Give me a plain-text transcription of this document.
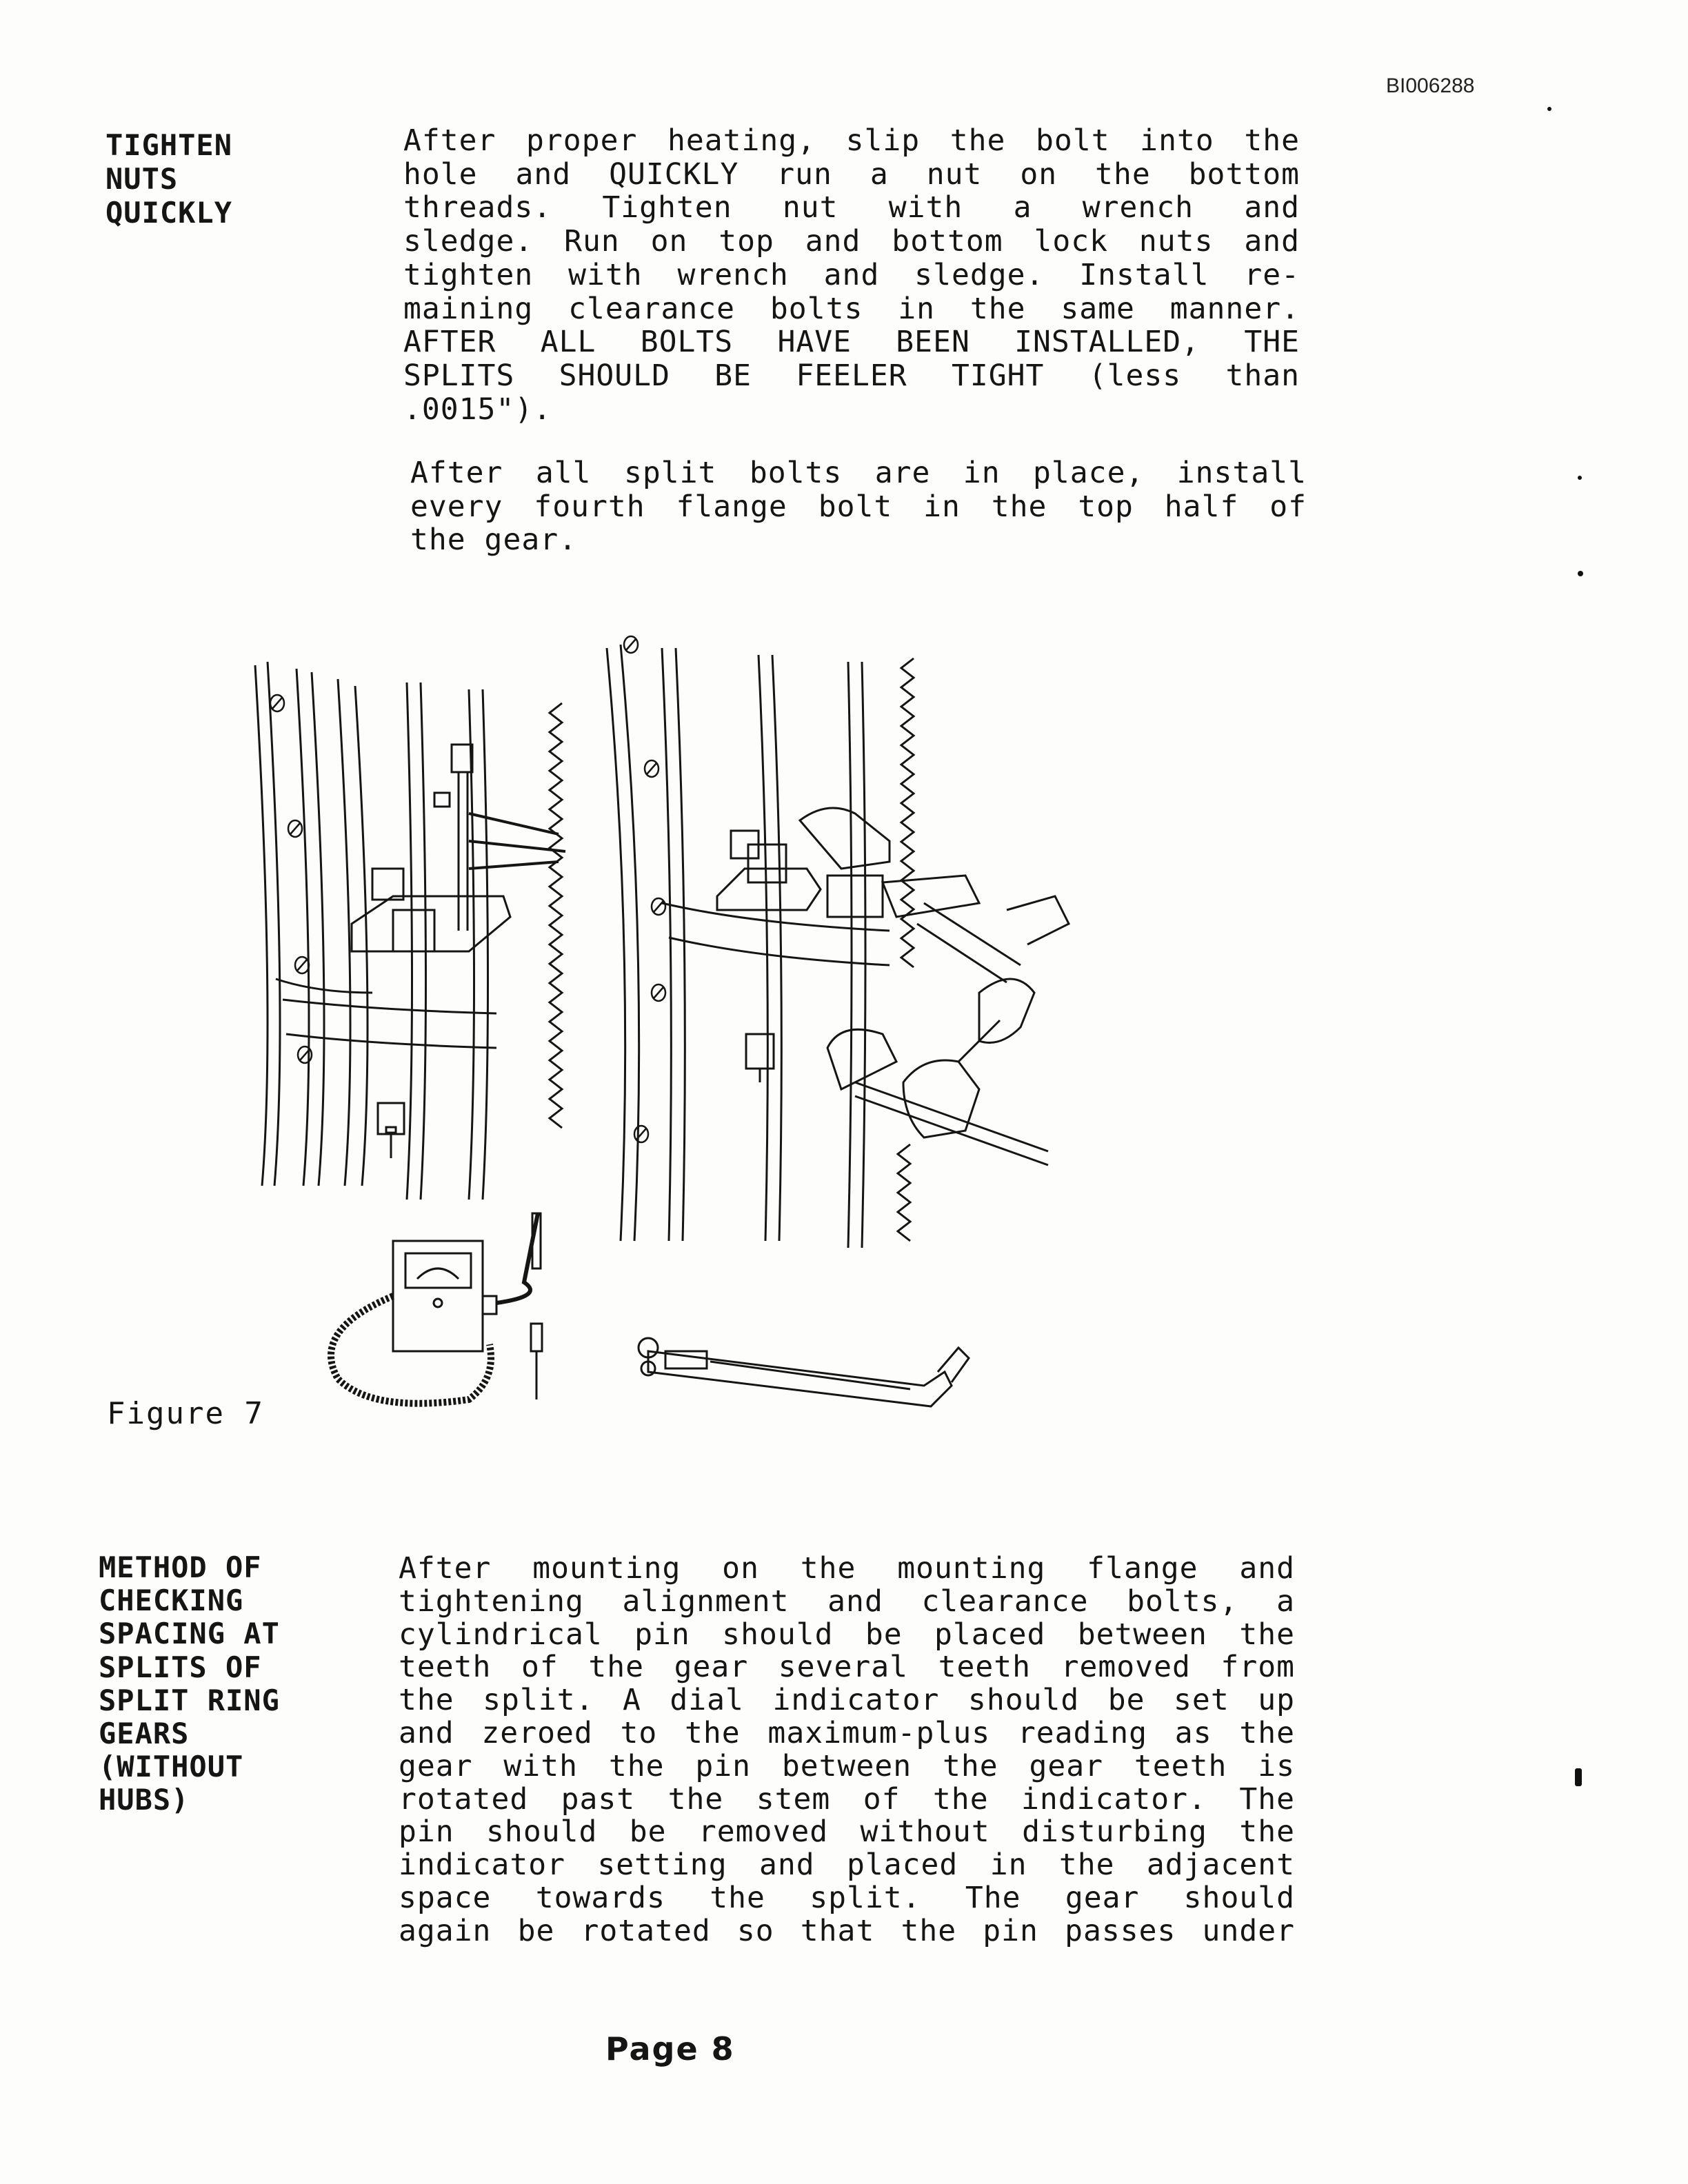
BI006288
TIGHTEN
NUTS
QUICKLY

After proper heating, slip the bolt into the

hole and QUICKLY run a nut on the bottom

threads. Tighten nut with a wrench and

sledge. Run on top and bottom lock nuts and

tighten with wrench and sledge. Install re-

maining clearance bolts in the same manner.

AFTER ALL BOLTS HAVE BEEN INSTALLED, THE

SPLITS SHOULD BE FEELER TIGHT (less than

.0015").

After all split bolts are in place, install

every fourth flange bolt in the top half of

the gear.

Figure 7
METHOD OF
CHECKING
SPACING AT
SPLITS OF
SPLIT RING
GEARS
(WITHOUT
HUBS)

After mounting on the mounting flange and

tightening alignment and clearance bolts, a

cylindrical pin should be placed between the

teeth of the gear several teeth removed from

the split. A dial indicator should be set up

and zeroed to the maximum-plus reading as the

gear with the pin between the gear teeth is

rotated past the stem of the indicator. The

pin should be removed without disturbing the

indicator setting and placed in the adjacent

space towards the split. The gear should

again be rotated so that the pin passes under

Page 8
